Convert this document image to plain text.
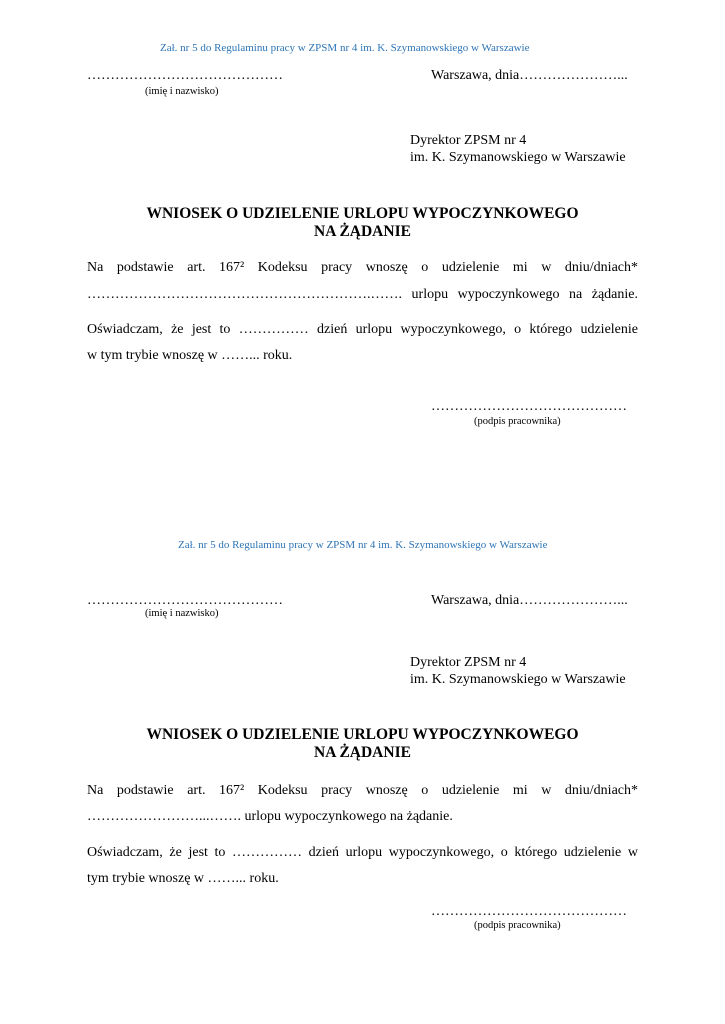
Zał. nr 5 do Regulaminu pracy w ZPSM nr 4 im. K. Szymanowskiego w Warszawie
……………………………………
(imię i nazwisko)
Warszawa, dnia…………………...
Dyrektor ZPSM nr 4
im. K. Szymanowskiego w Warszawie
WNIOSEK O UDZIELENIE URLOPU WYPOCZYNKOWEGO
NA ŻĄDANIE
Na podstawie art. 167² Kodeksu pracy wnoszę o udzielenie mi w dniu/dniach*
…………………………………………………….……. urlopu wypoczynkowego na żądanie.
Oświadczam, że jest to …………… dzień urlopu wypoczynkowego, o którego udzielenie
w tym trybie wnoszę w ……... roku.
……………………………………
(podpis pracownika)
Zał. nr 5 do Regulaminu pracy w ZPSM nr 4 im. K. Szymanowskiego w Warszawie
……………………………………
(imię i nazwisko)
Warszawa, dnia…………………...
Dyrektor ZPSM nr 4
im. K. Szymanowskiego w Warszawie
WNIOSEK O UDZIELENIE URLOPU WYPOCZYNKOWEGO
NA ŻĄDANIE
Na podstawie art. 167² Kodeksu pracy wnoszę o udzielenie mi w dniu/dniach*
……………………...……. urlopu wypoczynkowego na żądanie.
Oświadczam, że jest to …………… dzień urlopu wypoczynkowego, o którego udzielenie w
tym trybie wnoszę w ……... roku.
……………………………………
(podpis pracownika)
